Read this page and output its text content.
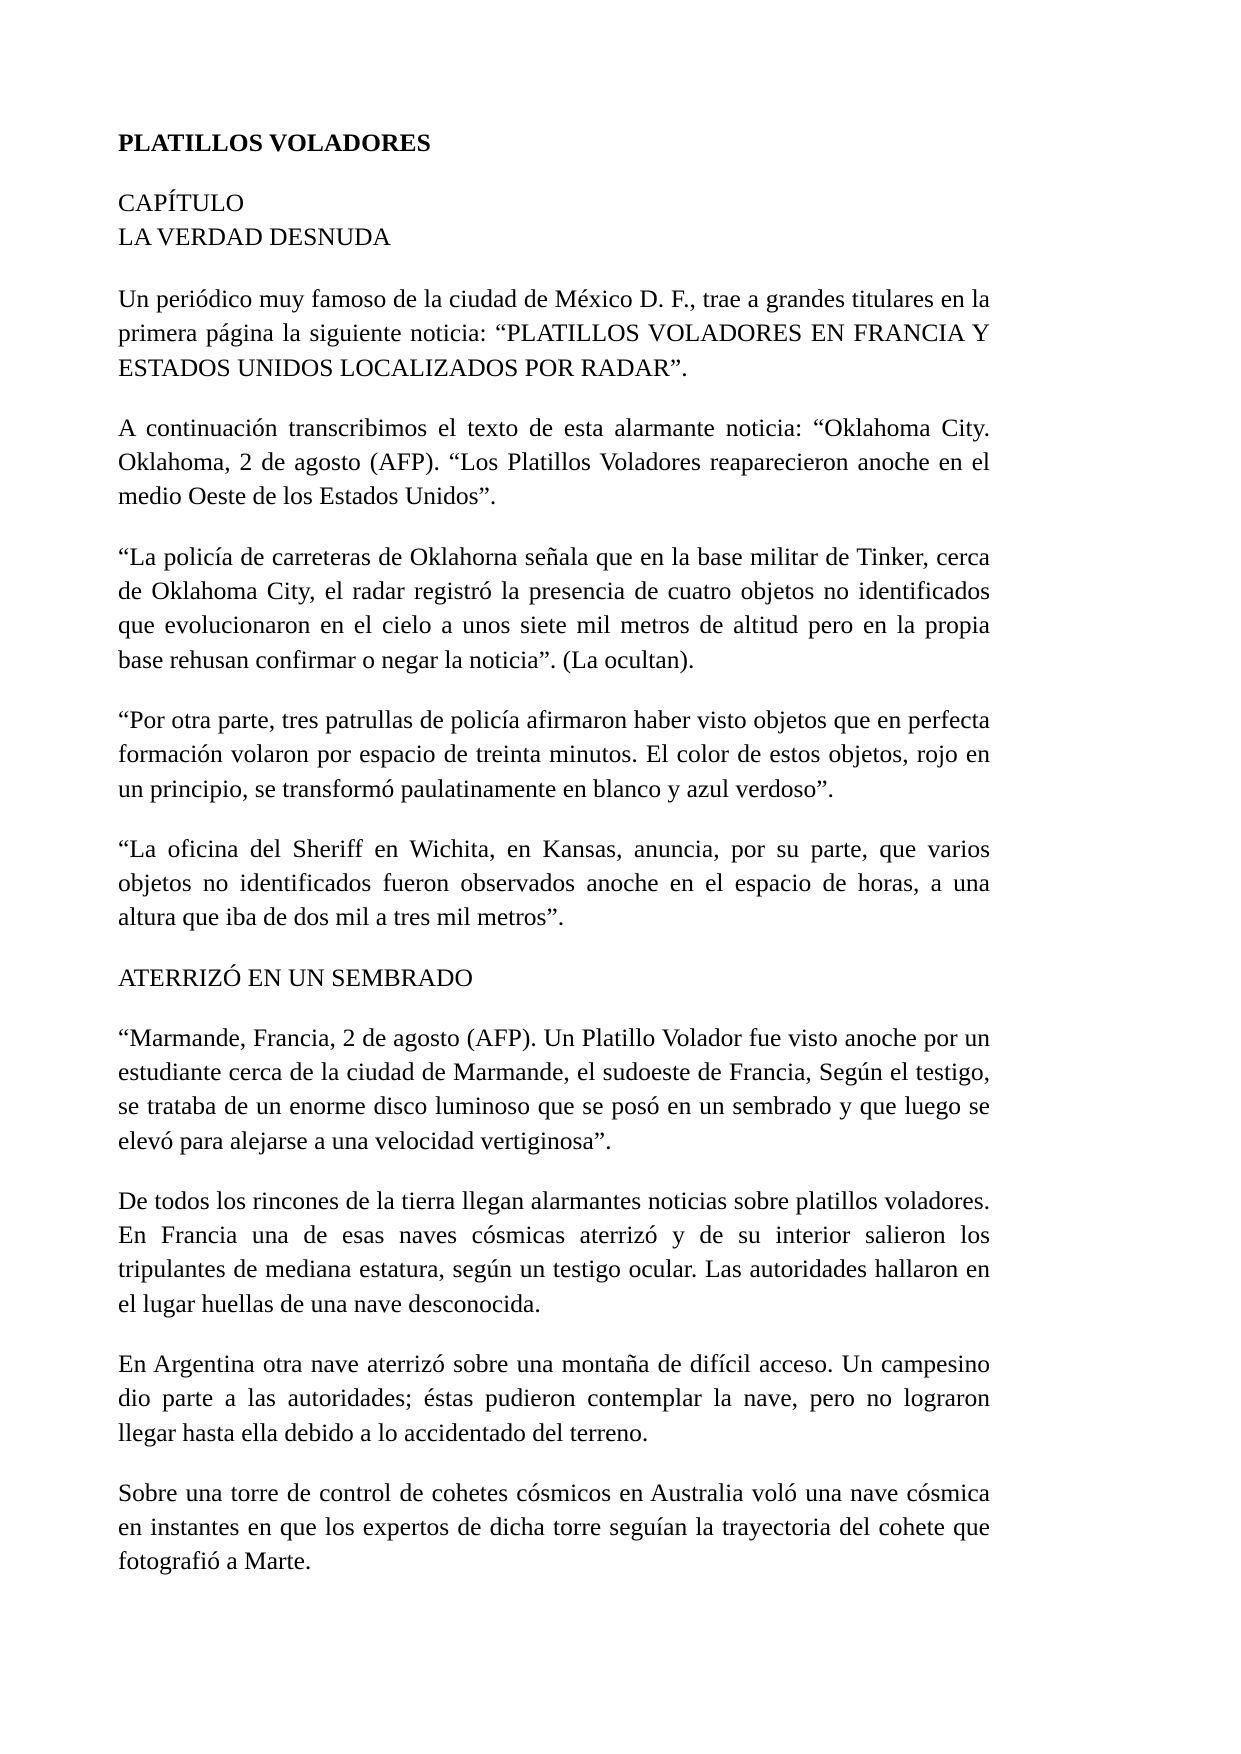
PLATILLOS VOLADORES
CAPÍTULO
LA VERDAD DESNUDA

Un periódico muy famoso de la ciudad de México D. F., trae a grandes titulares en la primera página la siguiente noticia: “PLATILLOS VOLADORES EN FRANCIA Y ESTADOS UNIDOS LOCALIZADOS POR RADAR”.

A continuación transcribimos el texto de esta alarmante noticia: “Oklahoma City. Oklahoma, 2 de agosto (AFP). “Los Platillos Voladores reaparecieron anoche en el medio Oeste de los Estados Unidos”.

“La policía de carreteras de Oklahorna señala que en la base militar de Tinker, cerca de Oklahoma City, el radar registró la presencia de cuatro objetos no identificados que evolucionaron en el cielo a unos siete mil metros de altitud pero en la propia base rehusan confirmar o negar la noticia”. (La ocultan).

“Por otra parte, tres patrullas de policía afirmaron haber visto objetos que en perfecta formación volaron por espacio de treinta minutos. El color de estos objetos, rojo en un principio, se transformó paulatinamente en blanco y azul verdoso”.

“La oficina del Sheriff en Wichita, en Kansas, anuncia, por su parte, que varios objetos no identificados fueron observados anoche en el espacio de horas, a una altura que iba de dos mil a tres mil metros”.

ATERRIZÓ EN UN SEMBRADO

“Marmande, Francia, 2 de agosto (AFP). Un Platillo Volador fue visto anoche por un estudiante cerca de la ciudad de Marmande, el sudoeste de Francia, Según el testigo, se trataba de un enorme disco luminoso que se posó en un sembrado y que luego se elevó para alejarse a una velocidad vertiginosa”.

De todos los rincones de la tierra llegan alarmantes noticias sobre platillos voladores. En Francia una de esas naves cósmicas aterrizó y de su interior salieron los tripulantes de mediana estatura, según un testigo ocular. Las autoridades hallaron en el lugar huellas de una nave desconocida.

En Argentina otra nave aterrizó sobre una montaña de difícil acceso. Un campesino dio parte a las autoridades; éstas pudieron contemplar la nave, pero no lograron llegar hasta ella debido a lo accidentado del terreno.

Sobre una torre de control de cohetes cósmicos en Australia voló una nave cósmica en instantes en que los expertos de dicha torre seguían la trayectoria del cohete que fotografió a Marte.
